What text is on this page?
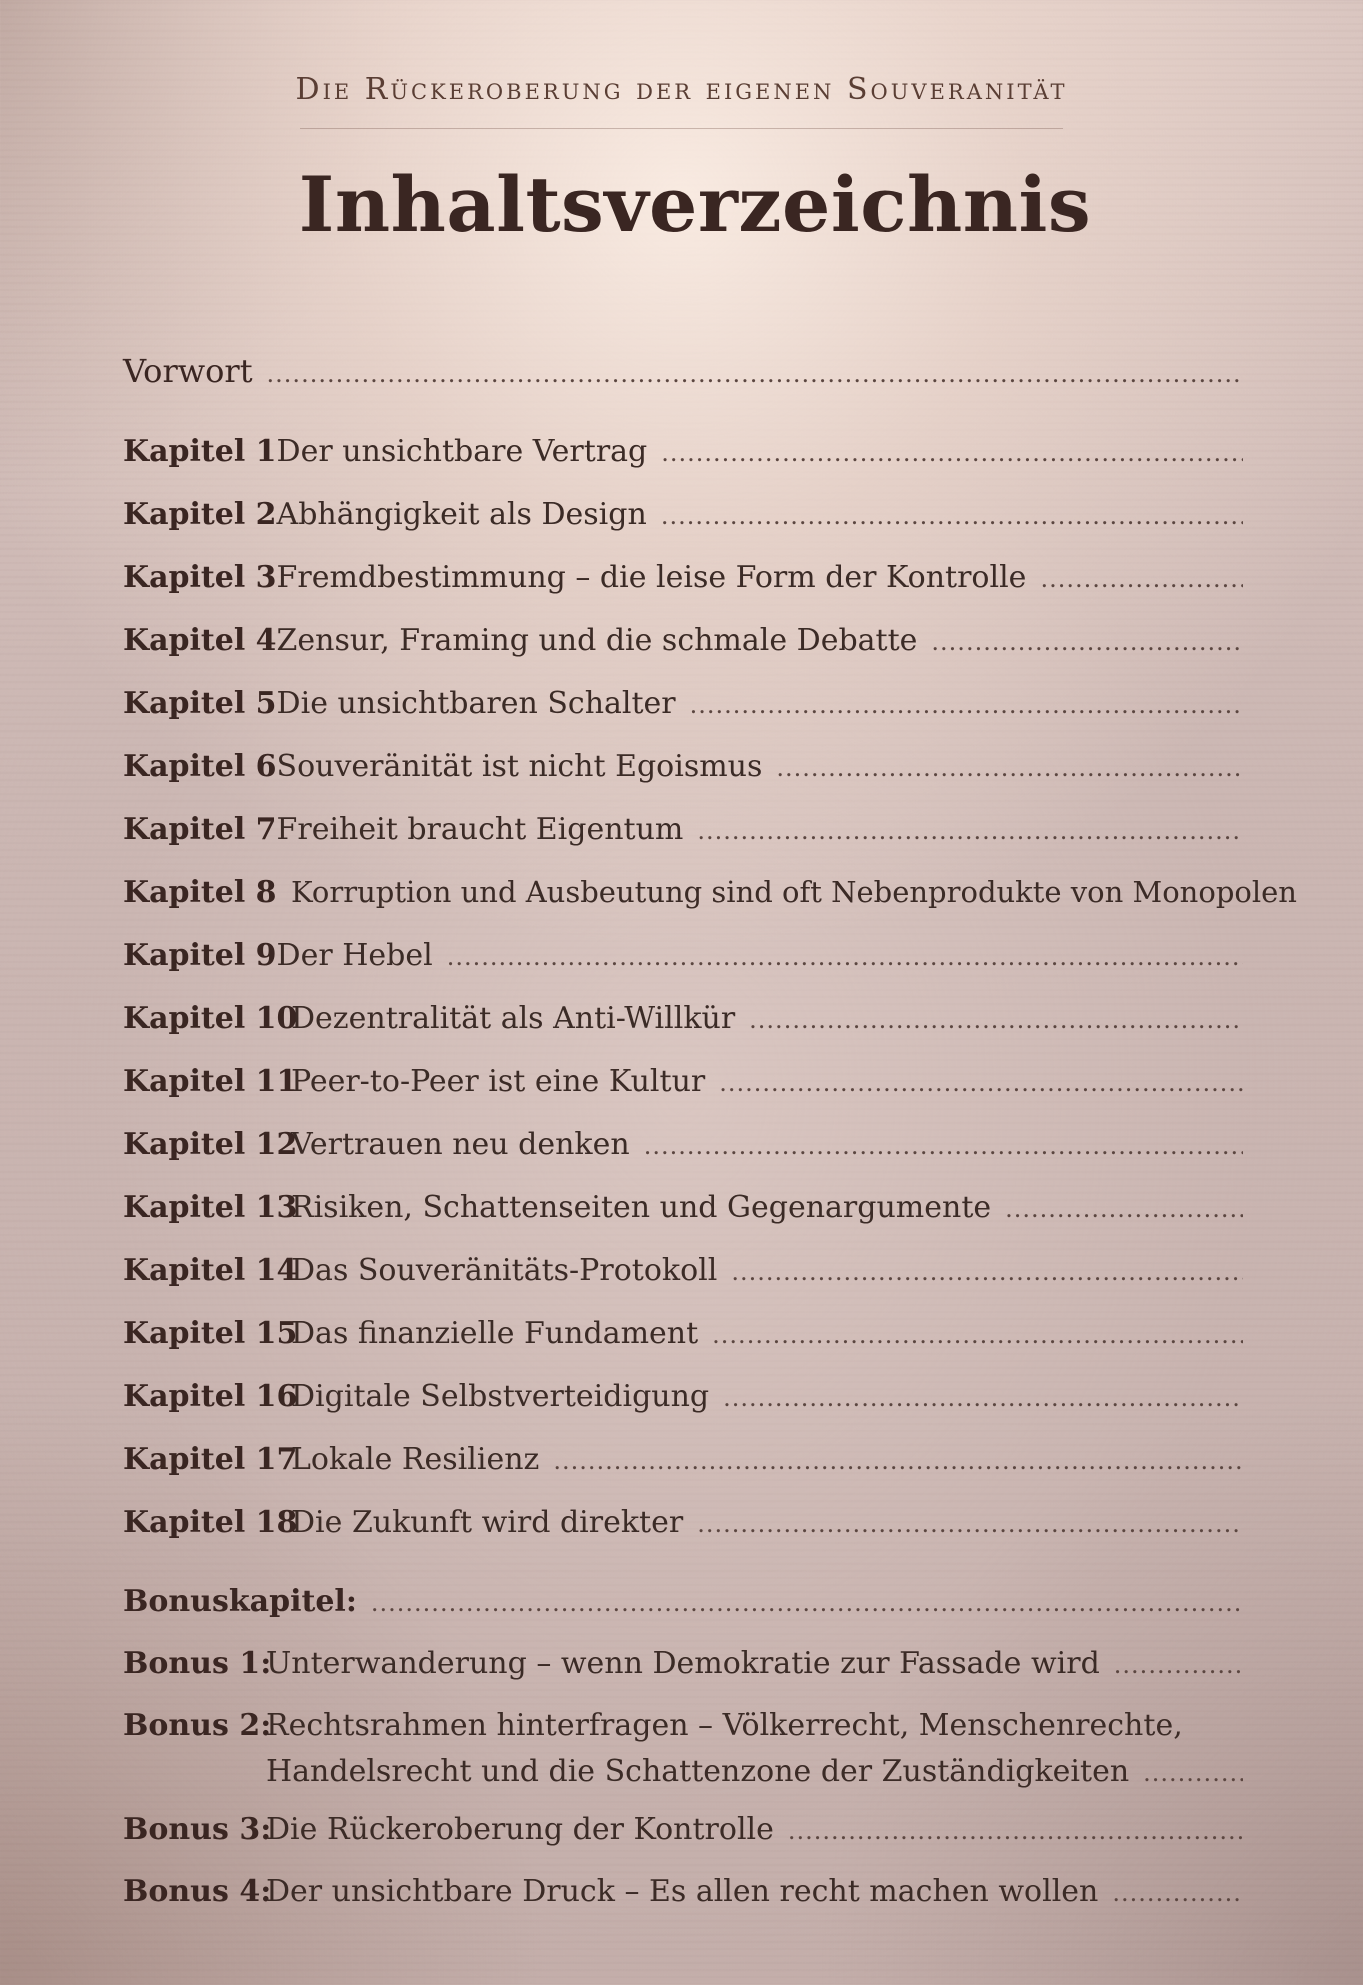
Die Rückeroberung der eigenen Souveranität
Inhaltsverzeichnis
Vorwort
.....
Kapitel 1 Der unsichtbare Vertrag
.....
Kapitel 2 Abhängigkeit als Design
.....
Kapitel 3 Fremdbestimmung – die leise Form der Kontrolle
.....
Kapitel 4 Zensur, Framing und die schmale Debatte
.....
Kapitel 5 Die unsichtbaren Schalter
.....
Kapitel 6 Souveränität ist nicht Egoismus
.....
Kapitel 7 Freiheit braucht Eigentum
.....
Kapitel 8 Korruption und Ausbeutung sind oft Nebenprodukte von Monopolen
Kapitel 9 Der Hebel
.....
Kapitel 10
Dezentralität als Anti-Willkür
.....
Kapitel 11
Peer-to-Peer ist eine Kultur
.....
Kapitel 12
Vertrauen neu denken
.....
Kapitel 13
Risiken, Schattenseiten und Gegenargumente
.....
Kapitel 14
Das Souveränitäts-Protokoll
.....
Kapitel 15
Das finanzielle Fundament
.....
Kapitel 16
Digitale Selbstverteidigung
.....
Kapitel 17
Lokale Resilienz
.....
Kapitel 18
Die Zukunft wird direkter
.....
Bonuskapitel:
.....
Bonus 1:
Unterwanderung – wenn Demokratie zur Fassade wird
.....
Bonus 2:
Rechtsrahmen hinterfragen – Völkerrecht, Menschenrechte,
Handelsrecht und die Schattenzone der Zuständigkeiten
.....
Bonus 3:
Die Rückeroberung der Kontrolle
.....
Bonus 4:
Der unsichtbare Druck – Es allen recht machen wollen
.....
